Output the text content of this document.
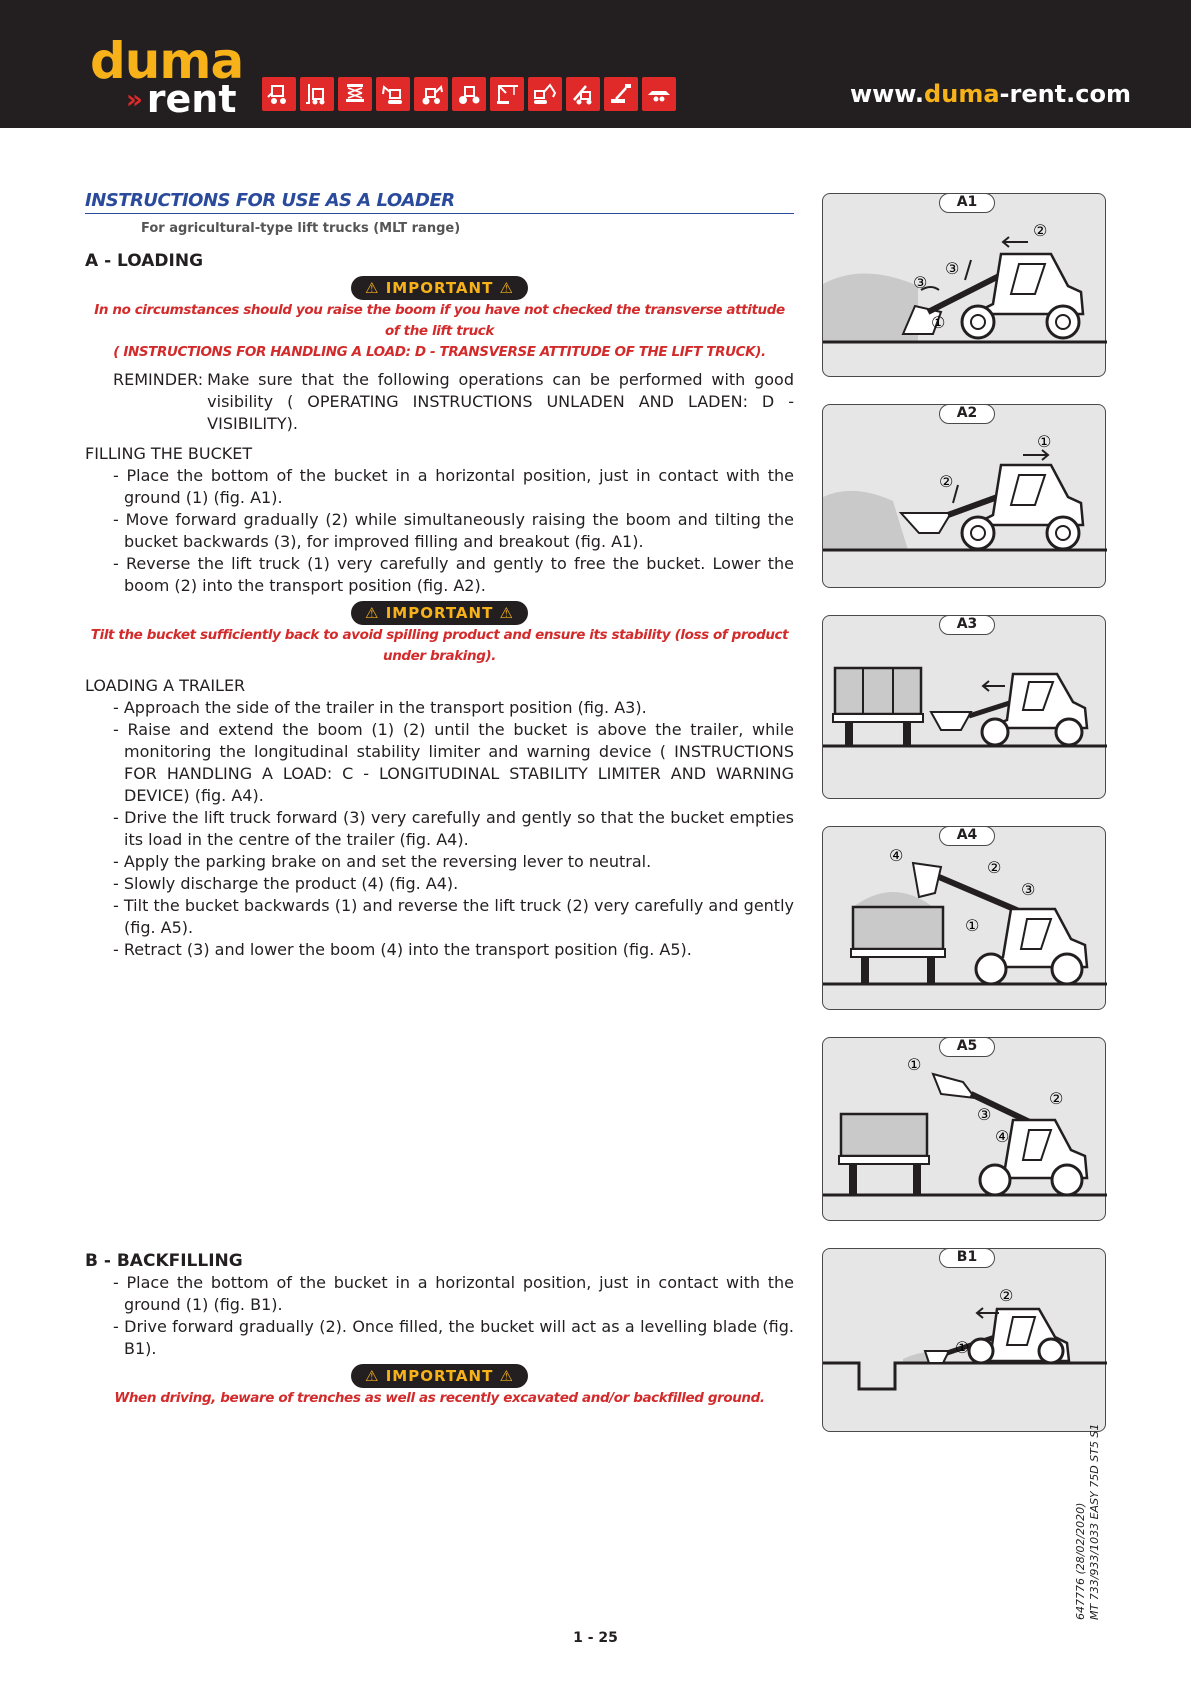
duma
» rent	www.duma-rent.com
INSTRUCTIONS FOR USE AS A LOADER
For agricultural-type lift trucks (MLT range)
A - LOADING
⚠ IMPORTANT ⚠
In no circumstances should you raise the boom if you have not checked the transverse attitude of the lift truck
( INSTRUCTIONS FOR HANDLING A LOAD: D - TRANSVERSE ATTITUDE OF THE LIFT TRUCK).
REMINDER: Make sure that the following operations can be performed with good visibility ( OPERATING INSTRUCTIONS UNLADEN AND LADEN: D - VISIBILITY).
FILLING THE BUCKET
- Place the bottom of the bucket in a horizontal position, just in contact with the ground (1) (fig. A1).
- Move forward gradually (2) while simultaneously raising the boom and tilting the bucket backwards (3), for improved filling and breakout (fig. A1).
- Reverse the lift truck (1) very carefully and gently to free the bucket. Lower the boom (2) into the transport position (fig. A2).
⚠ IMPORTANT ⚠
Tilt the bucket sufficiently back to avoid spilling product and ensure its stability (loss of product under braking).
LOADING A TRAILER
- Approach the side of the trailer in the transport position (fig. A3).
- Raise and extend the boom (1) (2) until the bucket is above the trailer, while monitoring the longitudinal stability limiter and warning device ( INSTRUCTIONS FOR HANDLING A LOAD: C - LONGITUDINAL STABILITY LIMITER AND WARNING DEVICE) (fig. A4).
- Drive the lift truck forward (3) very carefully and gently so that the bucket empties its load in the centre of the trailer (fig. A4).
- Apply the parking brake on and set the reversing lever to neutral.
- Slowly discharge the product (4) (fig. A4).
- Tilt the bucket backwards (1) and reverse the lift truck (2) very carefully and gently (fig. A5).
- Retract (3) and lower the boom (4) into the transport position (fig. A5).
B - BACKFILLING
- Place the bottom of the bucket in a horizontal position, just in contact with the ground (1) (fig. B1).
- Drive forward gradually (2). Once filled, the bucket will act as a levelling blade (fig. B1).
⚠ IMPORTANT ⚠
When driving, beware of trenches as well as recently excavated and/or backfilled ground.
②
①
③
③
A1
①
②
A2
A3
④
②
③
①
A4
①
②
③
④
A5
②
①
B1
1 - 25
647776 (28/02/2020) MT 733/933/1033 EASY 75D ST5 S1
